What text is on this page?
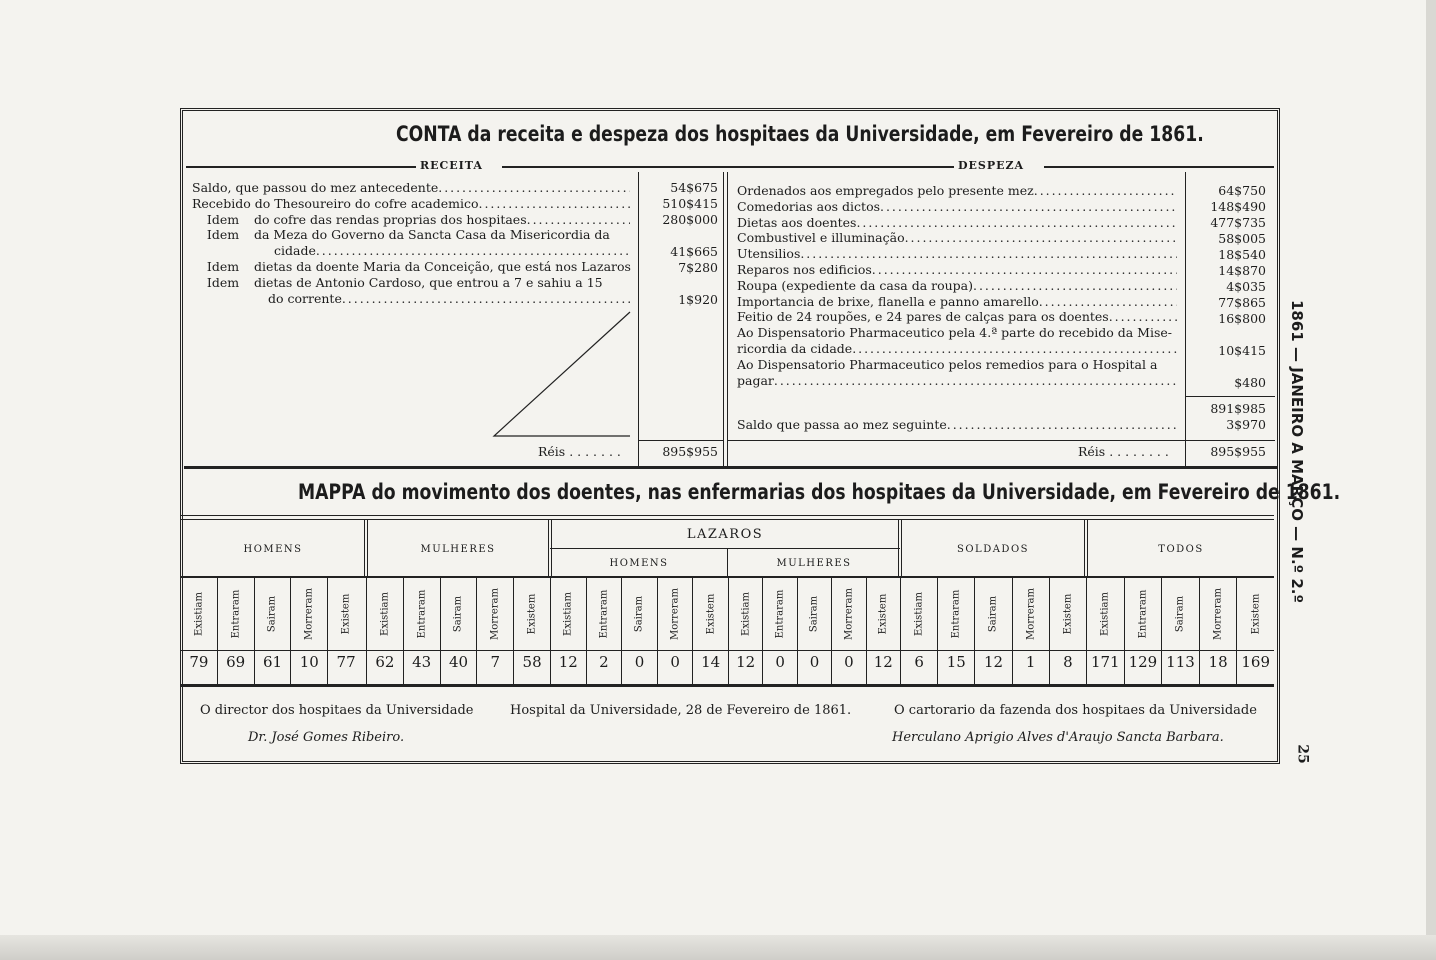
CONTA da receita e despeza dos hospitaes da Universidade, em Fevereiro de 1861.
RECEITA	DESPEZA
Saldo, que passou do mez antecedente
. . .
Recebido do Thesoureiro do cofre academico
. . .
Idem	do cofre das rendas proprias dos hospitaes
. . .
Idem	da Meza do Governo da Sancta Casa da Misericordia da
cidade
. . .
Idem	dietas da doente Maria da Conceição, que está nos Lazaros
Idem	dietas de Antonio Cardoso, que entrou a 7 e sahiu a 15
do corrente
. . .
54$675
510$415
280$000
41$665
7$280
1$920
Réis . . . . . . .	895$955
Ordenados aos empregados pelo presente mez
. . .
Comedorias aos dictos
. . .
Dietas aos doentes
. . .
Combustivel e illuminação
. . .
Utensilios
. . .
Reparos nos edificios
. . .
Roupa (expediente da casa da roupa)
. . .
Importancia de brixe, flanella e panno amarello
. . .
Feitio de 24 roupões, e 24 pares de calças para os doentes
. . .
Ao Dispensatorio Pharmaceutico pela 4.ª parte do recebido da Mise-
ricordia da cidade
. . .
Ao Dispensatorio Pharmaceutico pelos remedios para o Hospital a
pagar
. . .
64$750
148$490
477$735
58$005
18$540
14$870
4$035
77$865
16$800
10$415
$480
891$985
Saldo que passa ao mez seguinte
. . .	3$970
Réis . . . . . . . .	895$955
MAPPA do movimento dos doentes, nas enfermarias dos hospitaes da Universidade, em Fevereiro de 1861.
HOMENS	MULHERES
LAZAROS
HOMENS	MULHERES
SOLDADOS	TODOS
Existiam
79
Entraram
69
Sairam
61
Morreram
10
Existem
77
Existiam
62
Entraram
43
Sairam
40
Morreram
7
Existem
58
Existiam
12
Entraram
2
Sairam
0
Morreram
0
Existem
14
Existiam
12
Entraram
0
Sairam
0
Morreram
0
Existem
12
Existiam
6
Entraram
15
Sairam
12
Morreram
1
Existem
8
Existiam
171
Entraram
129
Sairam
113
Morreram
18
Existem
169
O director dos hospitaes da Universidade
Dr. José Gomes Ribeiro.
Hospital da Universidade, 28 de Fevereiro de 1861.	O cartorario da fazenda dos hospitaes da Universidade
Herculano Aprigio Alves d'Araujo Sancta Barbara.
1861 — JANEIRO A MARÇO — N.º 2.º
25
